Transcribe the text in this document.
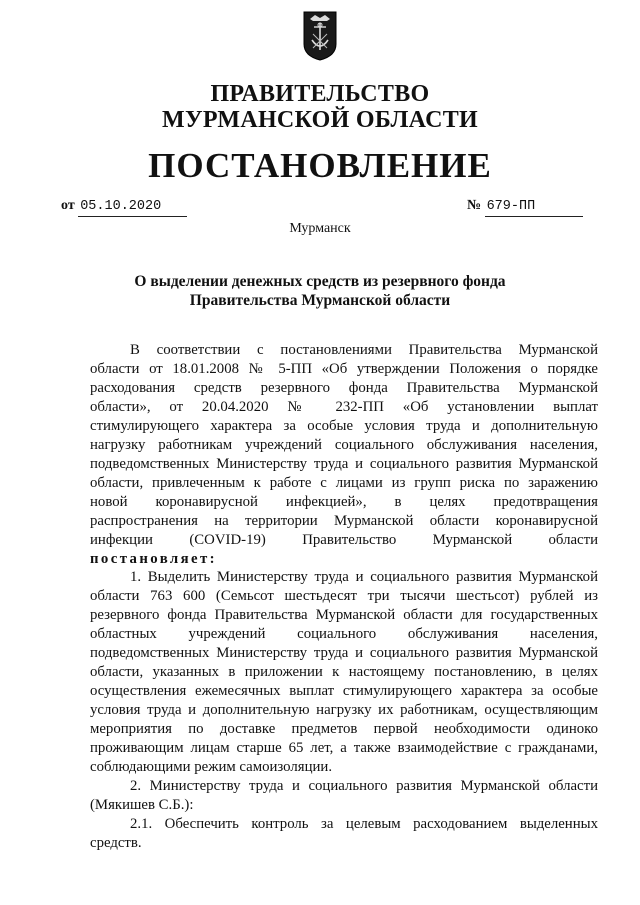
ПРАВИТЕЛЬСТВО
МУРМАНСКОЙ ОБЛАСТИ
ПОСТАНОВЛЕНИЕ
от 05.10.2020	№ 679-ПП
Мурманск
О выделении денежных средств из резервного фонда
Правительства Мурманской области
В соответствии с постановлениями Правительства Мурманской
области от 18.01.2008 № 5-ПП «Об утверждении Положения о порядке
расходования средств резервного фонда Правительства Мурманской
области», от 20.04.2020 № 232-ПП «Об установлении выплат
стимулирующего характера за особые условия труда и дополнительную
нагрузку работникам учреждений социального обслуживания населения,
подведомственных Министерству труда и социального развития Мурманской
области, привлеченным к работе с лицами из групп риска по заражению
новой коронавирусной инфекцией», в целях предотвращения
распространения на территории Мурманской области коронавирусной
инфекции (COVID-19) Правительство Мурманской области
постановляет:
1. Выделить Министерству труда и социального развития Мурманской
области 763 600 (Семьсот шестьдесят три тысячи шестьсот) рублей из
резервного фонда Правительства Мурманской области для государственных
областных учреждений социального обслуживания населения,
подведомственных Министерству труда и социального развития Мурманской
области, указанных в приложении к настоящему постановлению, в целях
осуществления ежемесячных выплат стимулирующего характера за особые
условия труда и дополнительную нагрузку их работникам, осуществляющим
мероприятия по доставке предметов первой необходимости одиноко
проживающим лицам старше 65 лет, а также взаимодействие с гражданами,
соблюдающими режим самоизоляции.
2. Министерству труда и социального развития Мурманской области
(Мякишев С.Б.):
2.1. Обеспечить контроль за целевым расходованием выделенных
средств.
